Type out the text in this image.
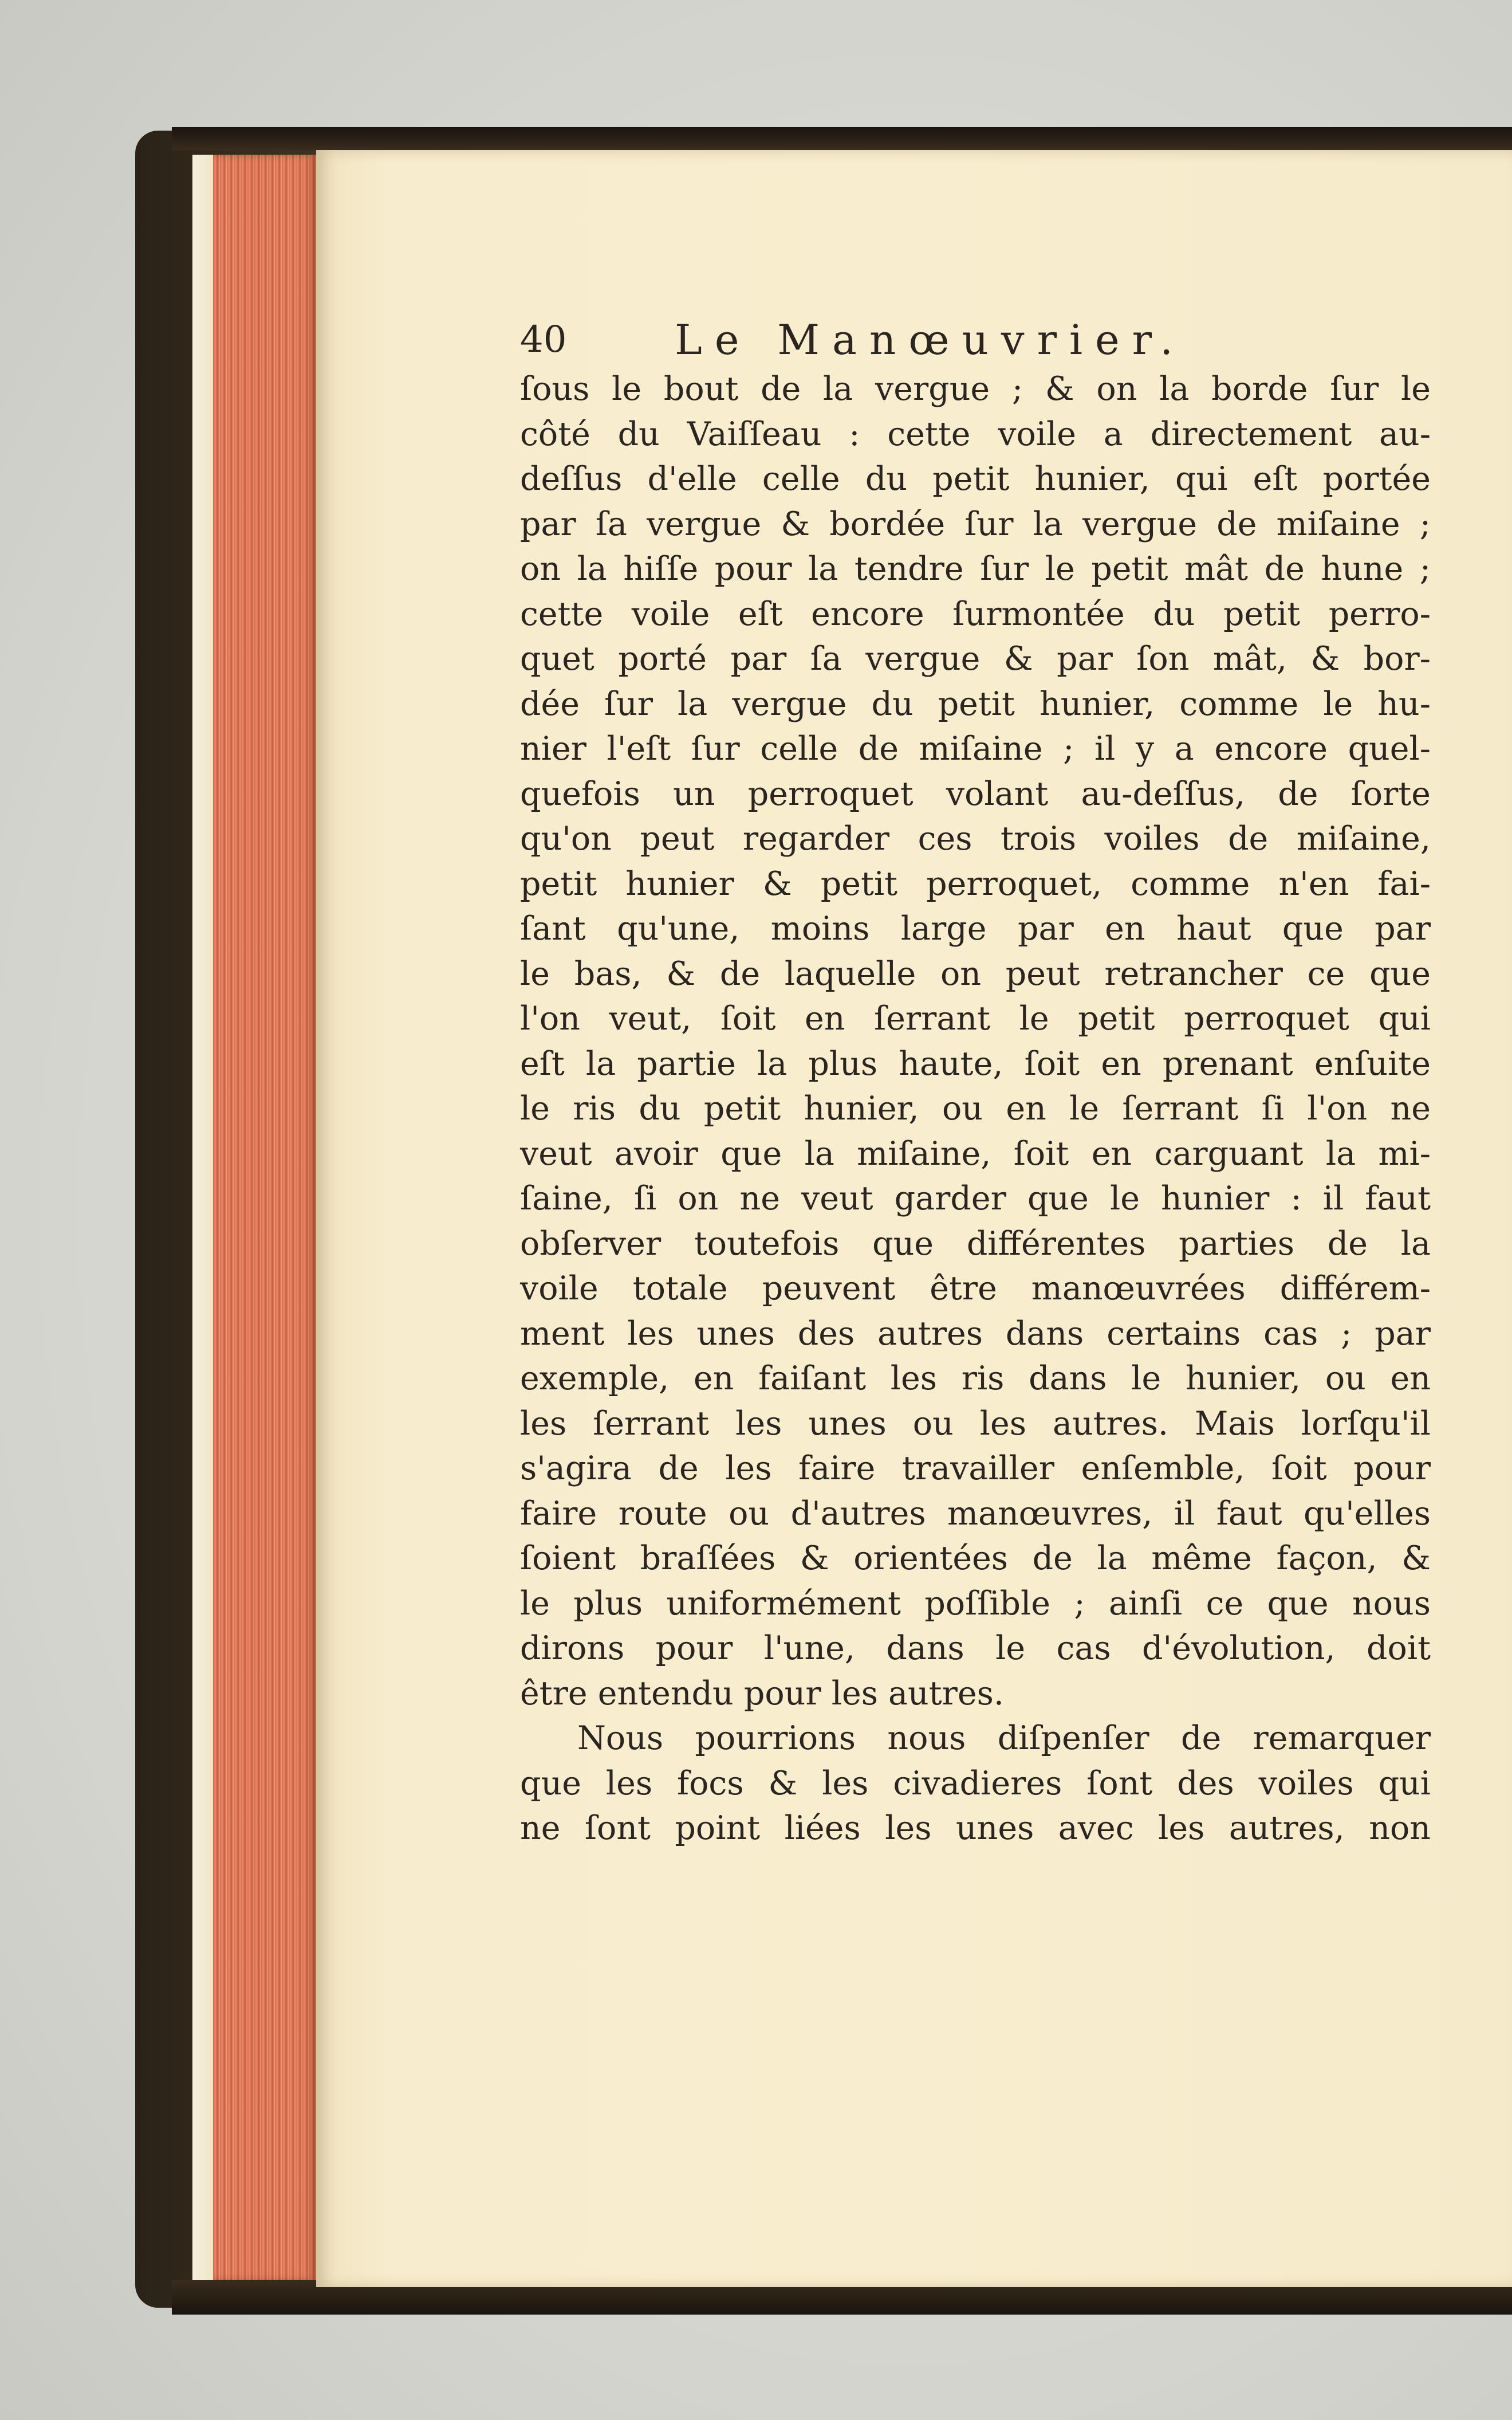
40	Le Manœuvrier.
ſous le bout de la vergue ; & on la borde ſur le
côté du Vaiſſeau : cette voile a directement au-
deſſus d'elle celle du petit hunier, qui eſt portée
par ſa vergue & bordée ſur la vergue de miſaine ;
on la hiſſe pour la tendre ſur le petit mât de hune ;
cette voile eſt encore ſurmontée du petit perro-
quet porté par ſa vergue & par ſon mât, & bor-
dée ſur la vergue du petit hunier, comme le hu-
nier l'eſt ſur celle de miſaine ; il y a encore quel-
quefois un perroquet volant au-deſſus, de ſorte
qu'on peut regarder ces trois voiles de miſaine,
petit hunier & petit perroquet, comme n'en fai-
ſant qu'une, moins large par en haut que par
le bas, & de laquelle on peut retrancher ce que
l'on veut, ſoit en ſerrant le petit perroquet qui
eſt la partie la plus haute, ſoit en prenant enſuite
le ris du petit hunier, ou en le ſerrant ſi l'on ne
veut avoir que la miſaine, ſoit en carguant la mi-
ſaine, ſi on ne veut garder que le hunier : il faut
obſerver toutefois que différentes parties de la
voile totale peuvent être manœuvrées différem-
ment les unes des autres dans certains cas ; par
exemple, en faiſant les ris dans le hunier, ou en
les ſerrant les unes ou les autres. Mais lorſqu'il
s'agira de les faire travailler enſemble, ſoit pour
faire route ou d'autres manœuvres, il faut qu'elles
ſoient braſſées & orientées de la même façon, &
le plus uniformément poſſible ; ainſi ce que nous
dirons pour l'une, dans le cas d'évolution, doit
être entendu pour les autres.
Nous pourrions nous diſpenſer de remarquer
que les focs & les civadieres ſont des voiles qui
ne ſont point liées les unes avec les autres, non
